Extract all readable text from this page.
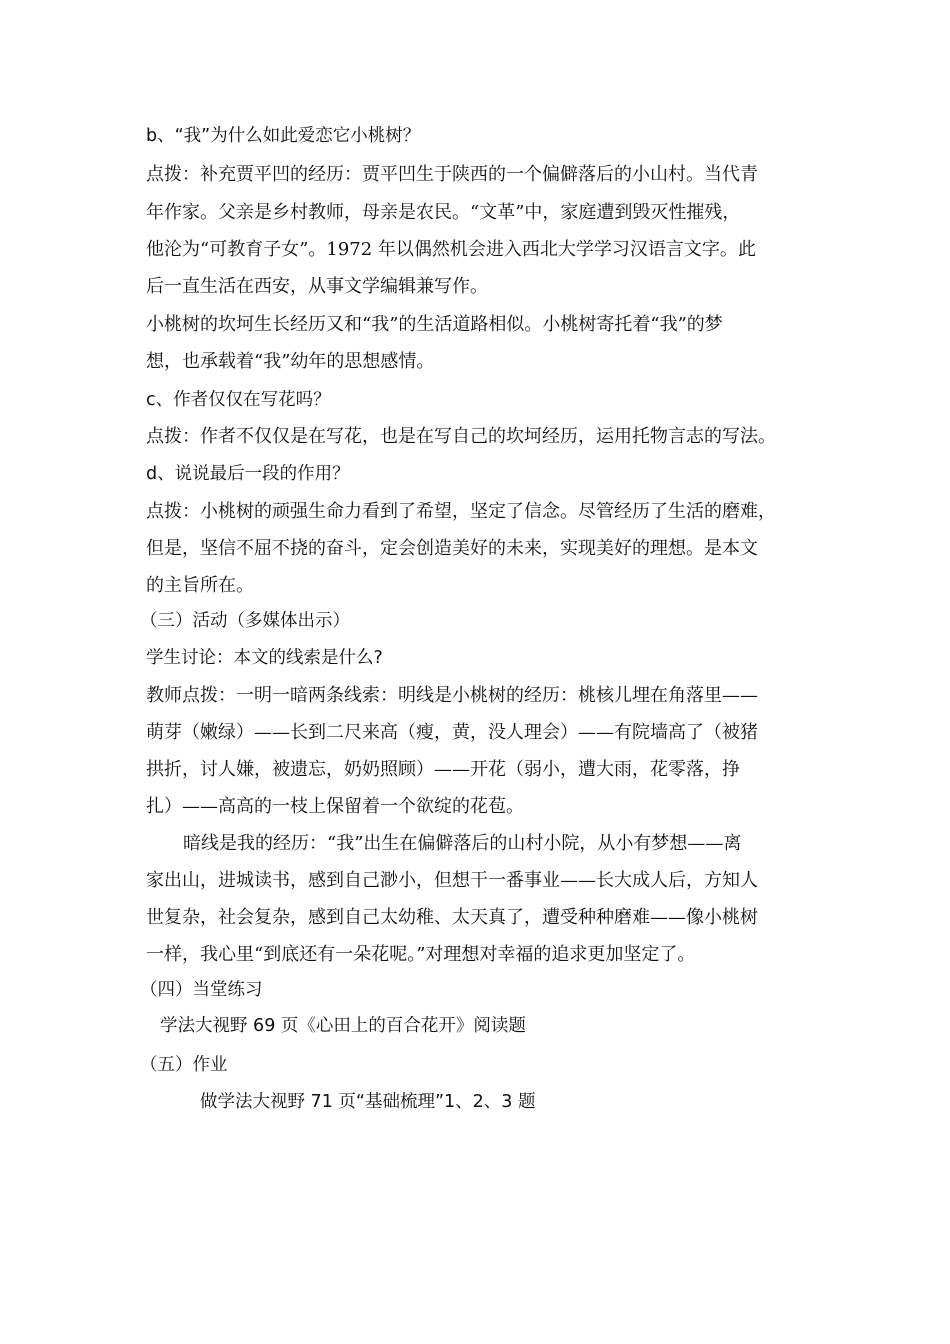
b、“我”为什么如此爱恋它小桃树？
点拨：补充贾平凹的经历：贾平凹生于陕西的一个偏僻落后的小山村。当代青
年作家。父亲是乡村教师，母亲是农民。“文革”中，家庭遭到毁灭性摧残，
他沦为“可教育子女”。1972 年以偶然机会进入西北大学学习汉语言文字。此
后一直生活在西安，从事文学编辑兼写作。
小桃树的坎坷生长经历又和“我”的生活道路相似。小桃树寄托着“我”的梦
想，也承载着“我”幼年的思想感情。
c、作者仅仅在写花吗？
点拨：作者不仅仅是在写花，也是在写自己的坎坷经历，运用托物言志的写法。
d、说说最后一段的作用？
点拨：小桃树的顽强生命力看到了希望，坚定了信念。尽管经历了生活的磨难，
但是，坚信不屈不挠的奋斗，定会创造美好的未来，实现美好的理想。是本文
的主旨所在。
（三）活动（多媒体出示）
学生讨论：本文的线索是什么?
教师点拨：一明一暗两条线索：明线是小桃树的经历：桃核儿埋在角落里——
萌芽（嫩绿）——长到二尺来高（瘦，黄，没人理会）——有院墙高了（被猪
拱折，讨人嫌，被遗忘，奶奶照顾）——开花（弱小，遭大雨，花零落，挣
扎）——高高的一枝上保留着一个欲绽的花苞。
暗线是我的经历：“我”出生在偏僻落后的山村小院，从小有梦想——离
家出山，进城读书，感到自己渺小，但想干一番事业——长大成人后，方知人
世复杂，社会复杂，感到自己太幼稚、太天真了，遭受种种磨难——像小桃树
一样，我心里“到底还有一朵花呢。”对理想对幸福的追求更加坚定了。
（四）当堂练习
学法大视野 69 页《心田上的百合花开》阅读题
（五）作业
做学法大视野 71 页“基础梳理”1、2、3 题
